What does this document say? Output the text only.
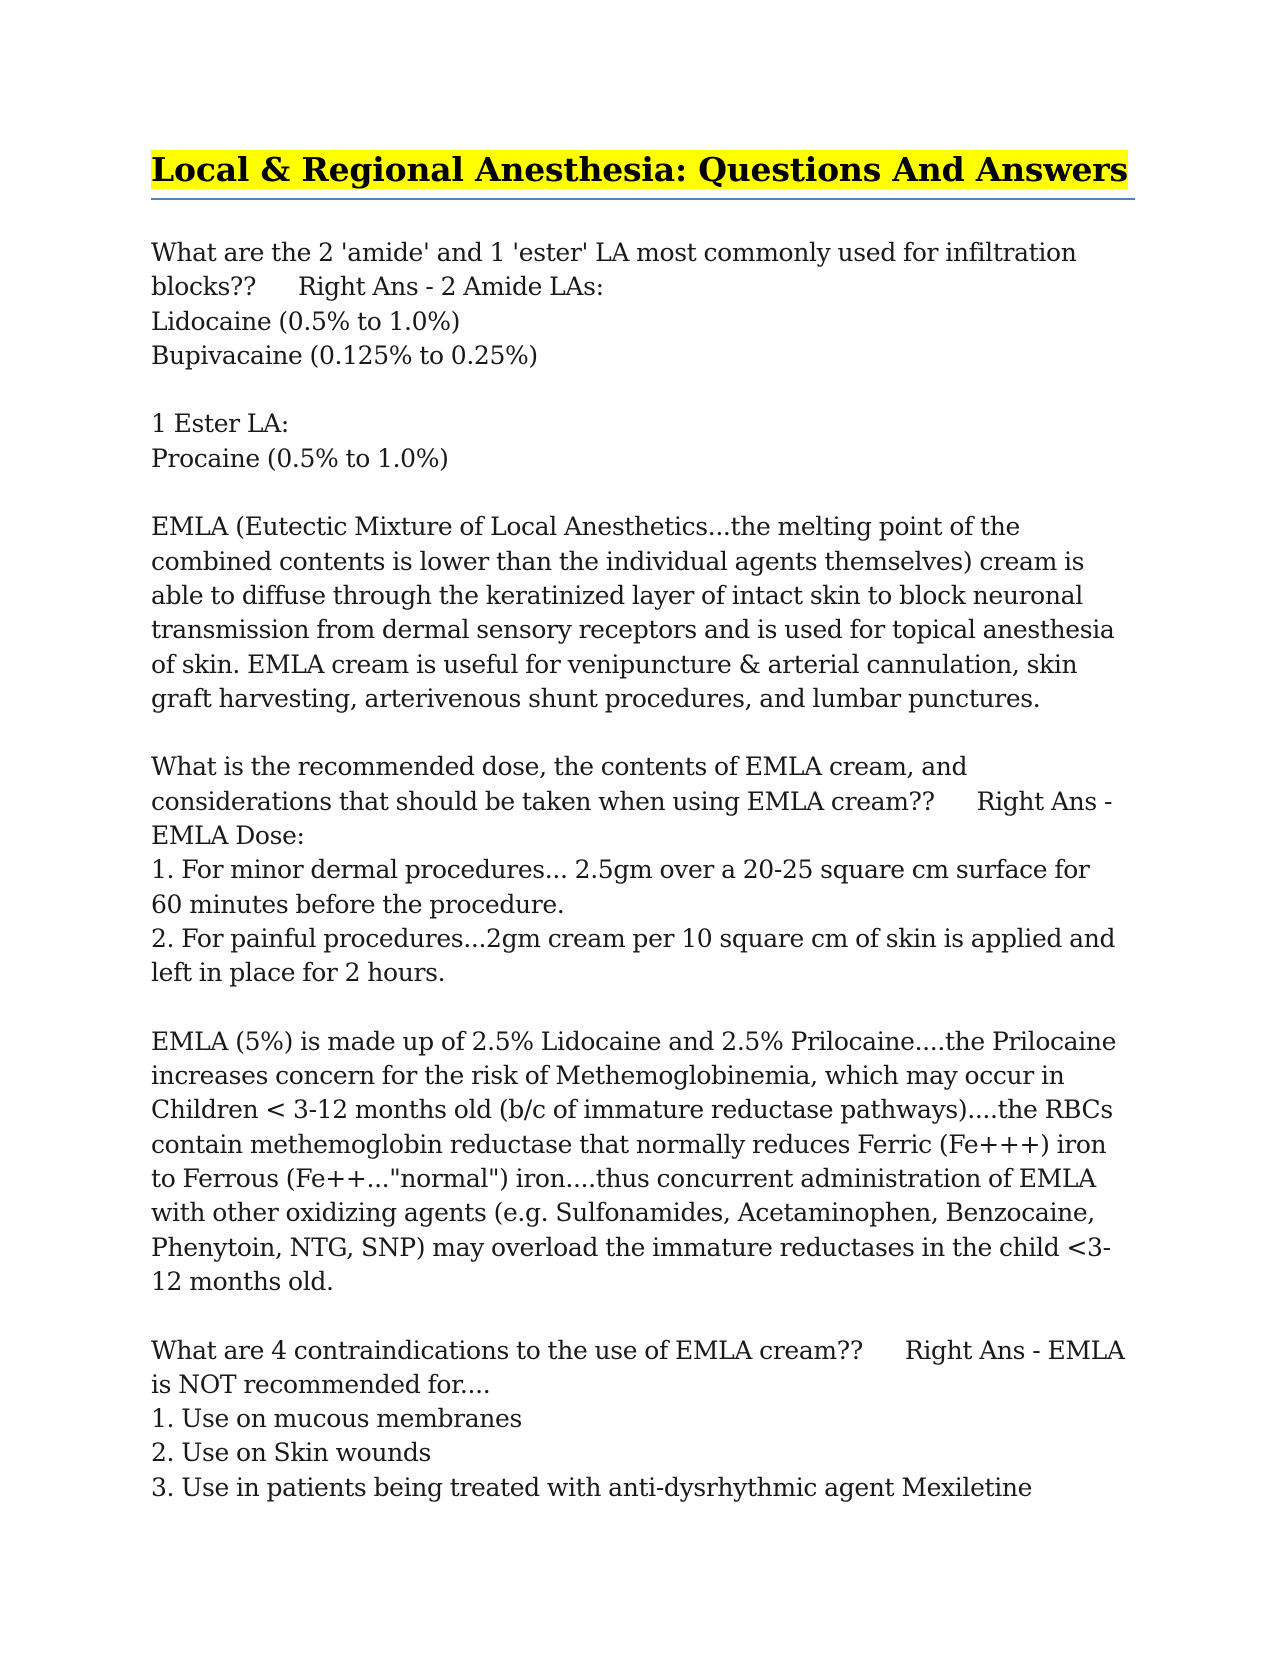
Local & Regional Anesthesia: Questions And Answers
What are the 2 'amide' and 1 'ester' LA most commonly used for infiltration
blocks?? Right Ans - 2 Amide LAs:
Lidocaine (0.5% to 1.0%)
Bupivacaine (0.125% to 0.25%)
1 Ester LA:
Procaine (0.5% to 1.0%)
EMLA (Eutectic Mixture of Local Anesthetics...the melting point of the
combined contents is lower than the individual agents themselves) cream is
able to diffuse through the keratinized layer of intact skin to block neuronal
transmission from dermal sensory receptors and is used for topical anesthesia
of skin. EMLA cream is useful for venipuncture & arterial cannulation, skin
graft harvesting, arterivenous shunt procedures, and lumbar punctures.
What is the recommended dose, the contents of EMLA cream, and
considerations that should be taken when using EMLA cream?? Right Ans -
EMLA Dose:
1. For minor dermal procedures... 2.5gm over a 20-25 square cm surface for
60 minutes before the procedure.
2. For painful procedures...2gm cream per 10 square cm of skin is applied and
left in place for 2 hours.
EMLA (5%) is made up of 2.5% Lidocaine and 2.5% Prilocaine....the Prilocaine
increases concern for the risk of Methemoglobinemia, which may occur in
Children < 3-12 months old (b/c of immature reductase pathways)....the RBCs
contain methemoglobin reductase that normally reduces Ferric (Fe+++) iron
to Ferrous (Fe++..."normal") iron....thus concurrent administration of EMLA
with other oxidizing agents (e.g. Sulfonamides, Acetaminophen, Benzocaine,
Phenytoin, NTG, SNP) may overload the immature reductases in the child <3-
12 months old.
What are 4 contraindications to the use of EMLA cream?? Right Ans - EMLA
is NOT recommended for....
1. Use on mucous membranes
2. Use on Skin wounds
3. Use in patients being treated with anti-dysrhythmic agent Mexiletine
